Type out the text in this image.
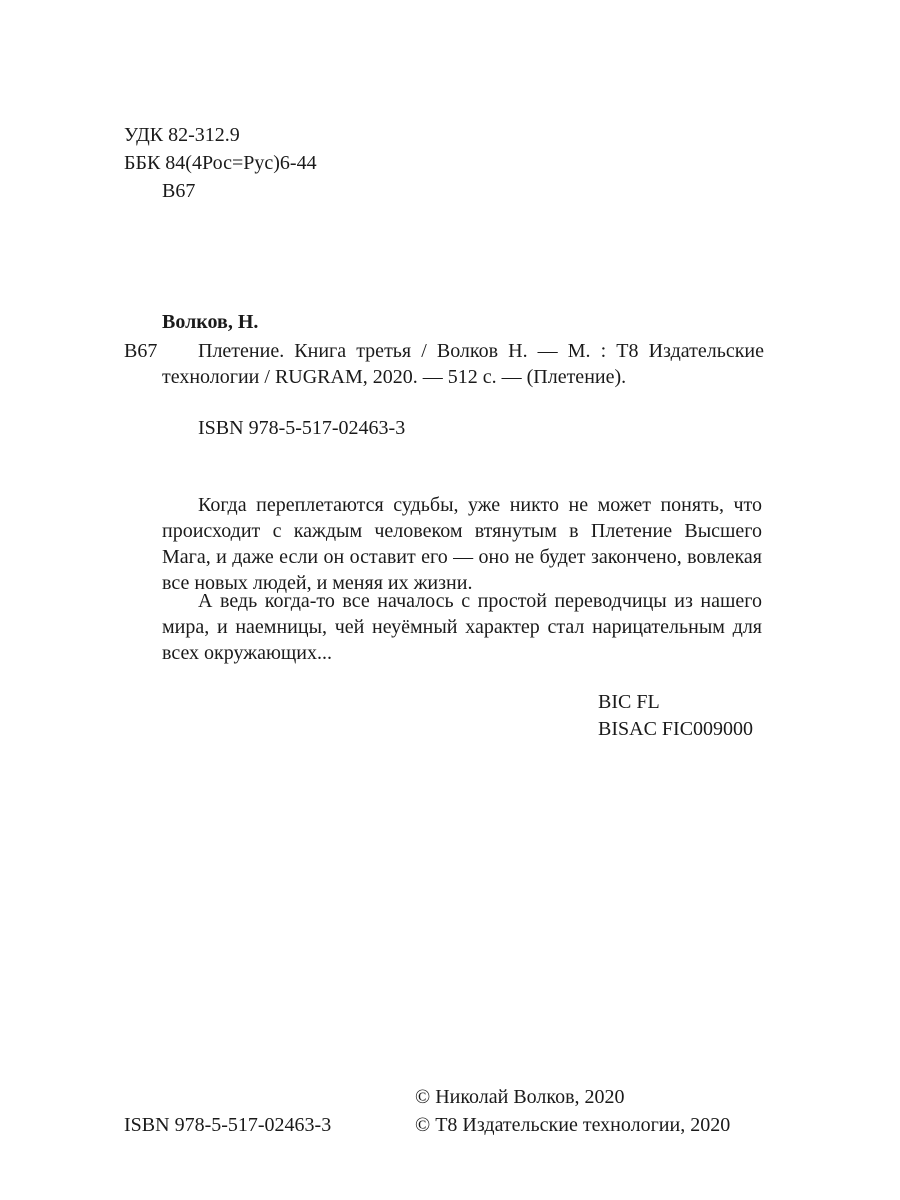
УДК 82-312.9
ББК 84(4Рос=Рус)6-44
В67
Волков, Н.
В67	Плетение. Книга третья / Волков Н. — М. : Т8 Издательские технологии / RUGRAM, 2020. — 512 с. — (Плетение).
ISBN 978-5-517-02463-3
Когда переплетаются судьбы, уже никто не может понять, что происходит с каждым человеком втянутым в Плетение Высшего Мага, и даже если он оставит его — оно не будет закончено, вовлекая все новых людей, и меняя их жизни.
А ведь когда-то все началось с простой переводчицы из нашего мира, и наемницы, чей неуёмный характер стал нарицательным для всех окружающих...
BIC FL
BISAC FIC009000
© Николай Волков, 2020
ISBN 978-5-517-02463-3	© Т8 Издательские технологии, 2020
